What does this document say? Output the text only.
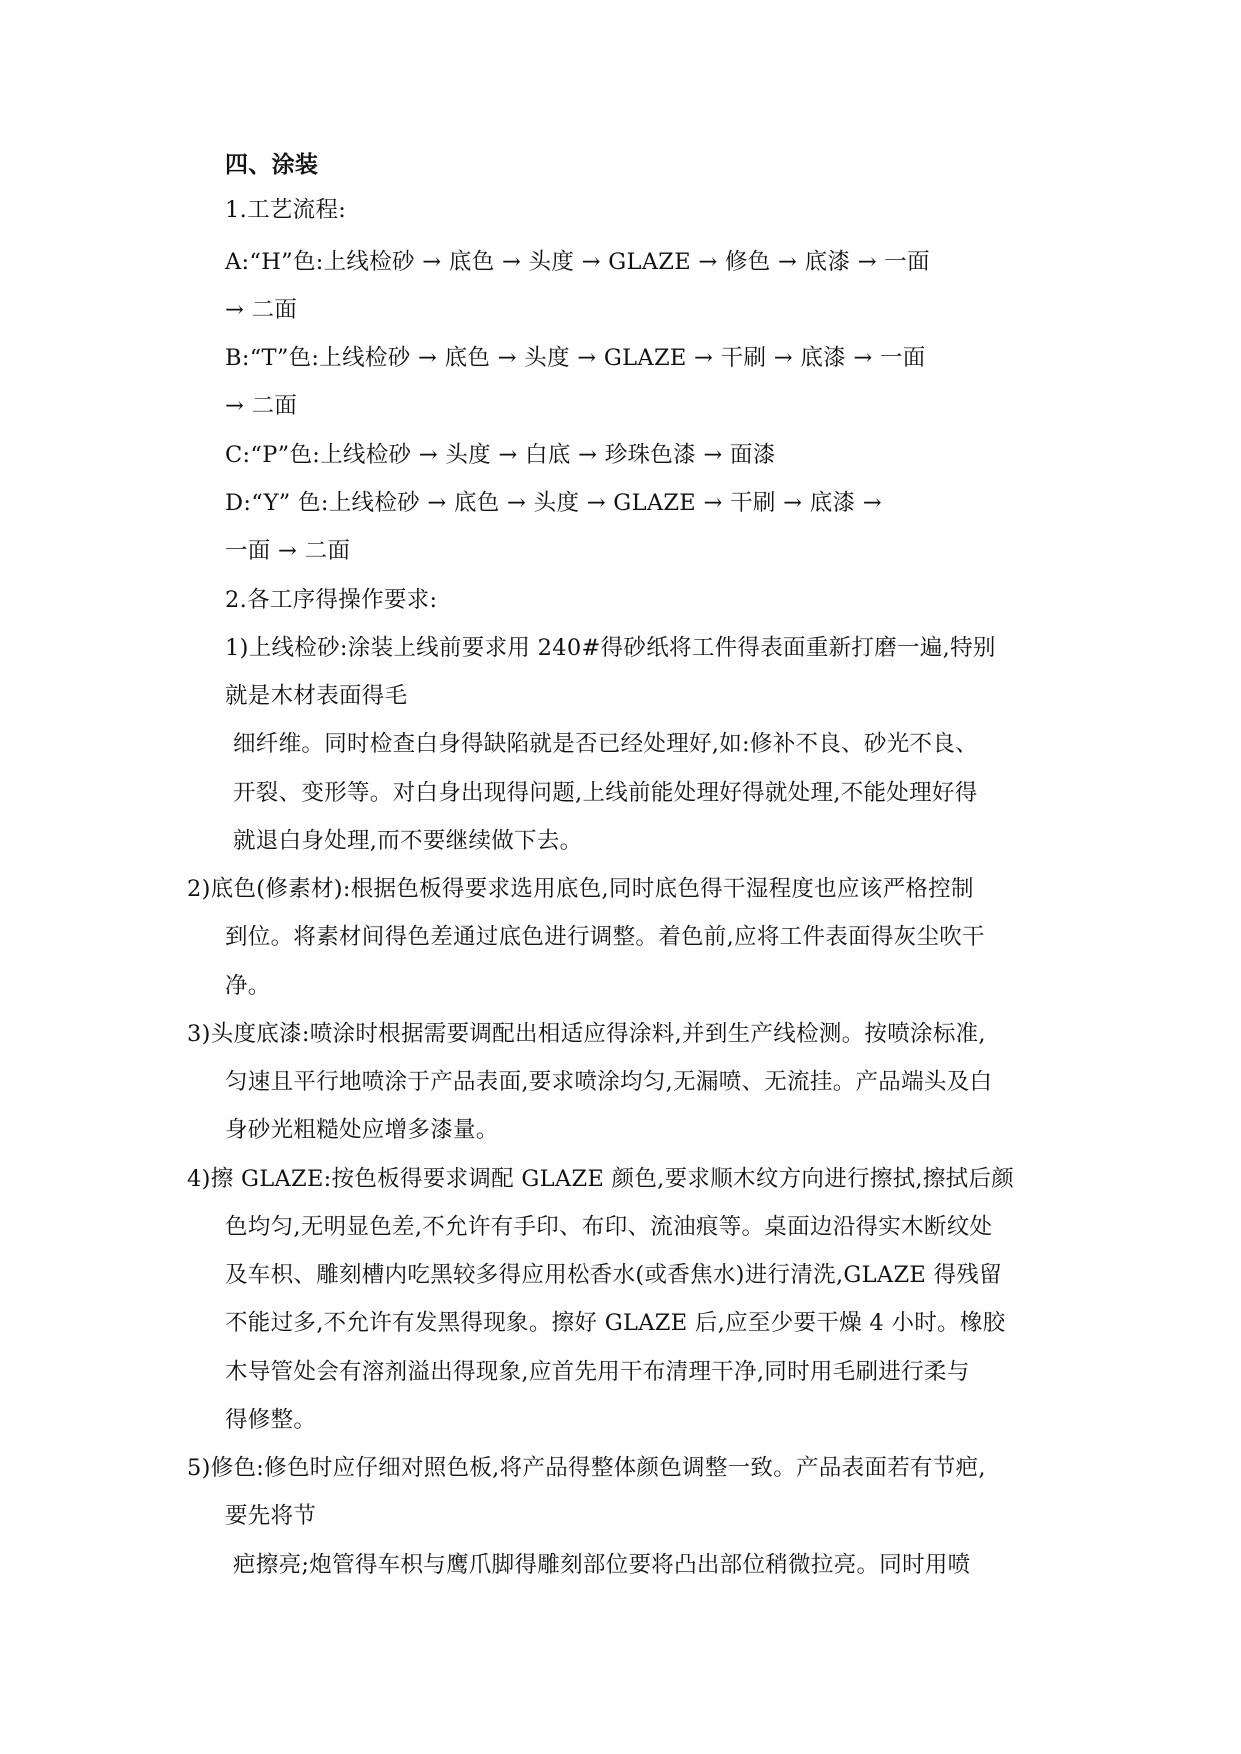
四、涂装
1.工艺流程:
A:“H”色:上线检砂 → 底色 → 头度 → GLAZE → 修色 → 底漆 → 一面
→ 二面
B:“T”色:上线检砂 → 底色 → 头度 → GLAZE → 干刷 → 底漆 → 一面
→ 二面
C:“P”色:上线检砂 → 头度 → 白底 → 珍珠色漆 → 面漆
D:“Y” 色:上线检砂 → 底色 → 头度 → GLAZE → 干刷 → 底漆 →
一面 → 二面
2.各工序得操作要求:
1)上线检砂:涂装上线前要求用 240#得砂纸将工件得表面重新打磨一遍,特别
就是木材表面得毛
细纤维。同时检查白身得缺陷就是否已经处理好,如:修补不良、砂光不良、
开裂、变形等。对白身出现得问题,上线前能处理好得就处理,不能处理好得
就退白身处理,而不要继续做下去。
2)底色(修素材):根据色板得要求选用底色,同时底色得干湿程度也应该严格控制
到位。将素材间得色差通过底色进行调整。着色前,应将工件表面得灰尘吹干
净。
3)头度底漆:喷涂时根据需要调配出相适应得涂料,并到生产线检测。按喷涂标准,
匀速且平行地喷涂于产品表面,要求喷涂均匀,无漏喷、无流挂。产品端头及白
身砂光粗糙处应增多漆量。
4)擦 GLAZE:按色板得要求调配 GLAZE 颜色,要求顺木纹方向进行擦拭,擦拭后颜
色均匀,无明显色差,不允许有手印、布印、流油痕等。桌面边沿得实木断纹处
及车枳、雕刻槽内吃黑较多得应用松香水(或香焦水)进行清洗,GLAZE 得残留
不能过多,不允许有发黑得现象。擦好 GLAZE 后,应至少要干燥 4 小时。橡胶
木导管处会有溶剂溢出得现象,应首先用干布清理干净,同时用毛刷进行柔与
得修整。
5)修色:修色时应仔细对照色板,将产品得整体颜色调整一致。产品表面若有节疤,
要先将节
疤擦亮;炮管得车枳与鹰爪脚得雕刻部位要将凸出部位稍微拉亮。同时用喷
